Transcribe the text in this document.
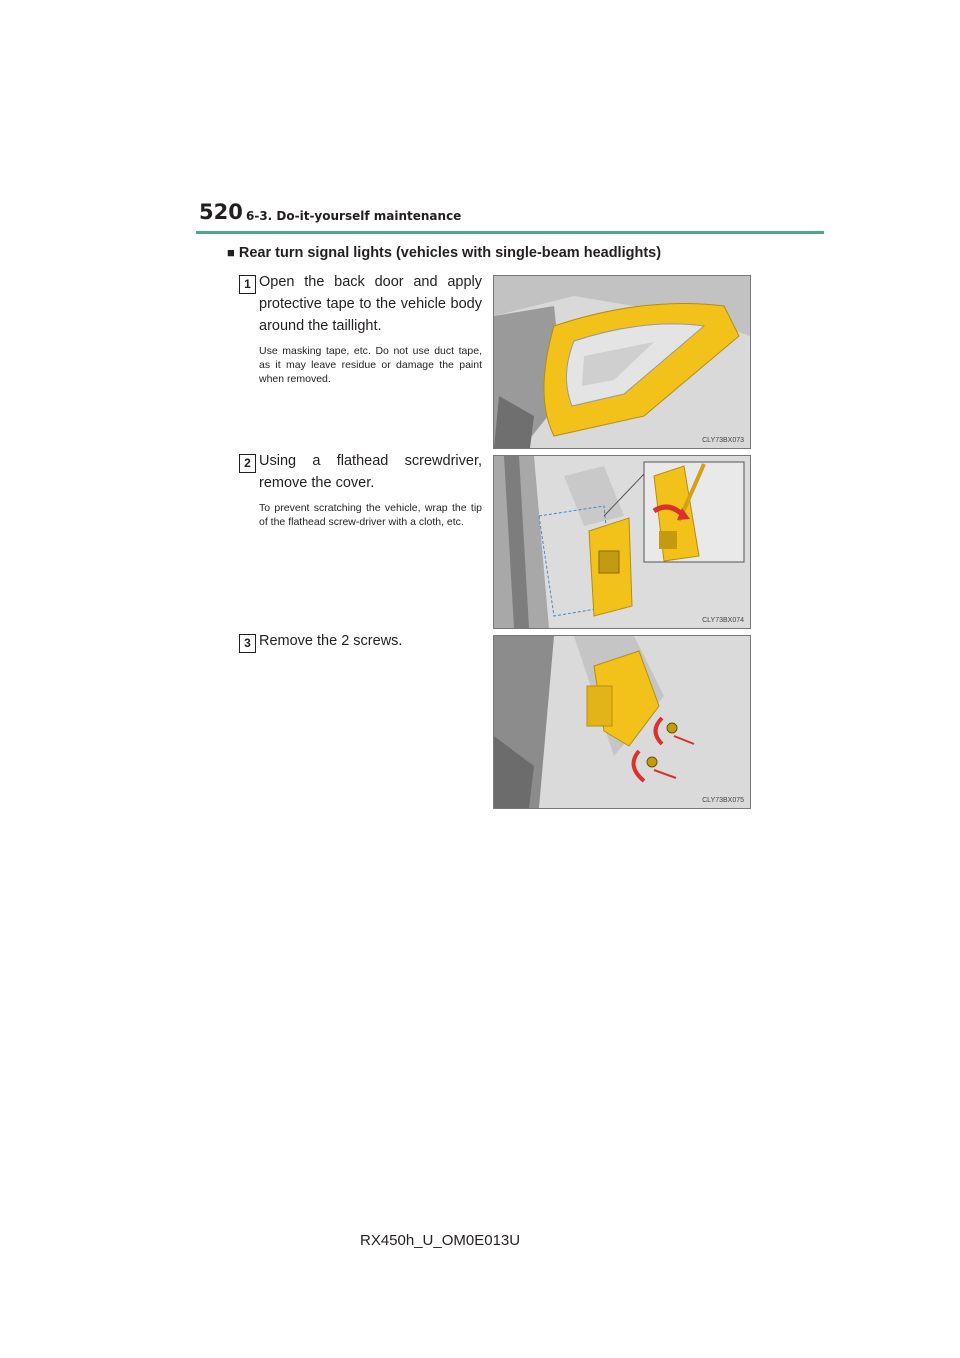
520 6-3. Do-it-yourself maintenance
■ Rear turn signal lights (vehicles with single-beam headlights)
1 Open the back door and apply protective tape to the vehicle body around the taillight.
Use masking tape, etc. Do not use duct tape, as it may leave residue or damage the paint when removed.
CLY73BX073
2 Using a flathead screwdriver, remove the cover.
To prevent scratching the vehicle, wrap the tip of the flathead screw-driver with a cloth, etc.
CLY73BX074
3 Remove the 2 screws.
CLY73BX075
RX450h_U_OM0E013U
